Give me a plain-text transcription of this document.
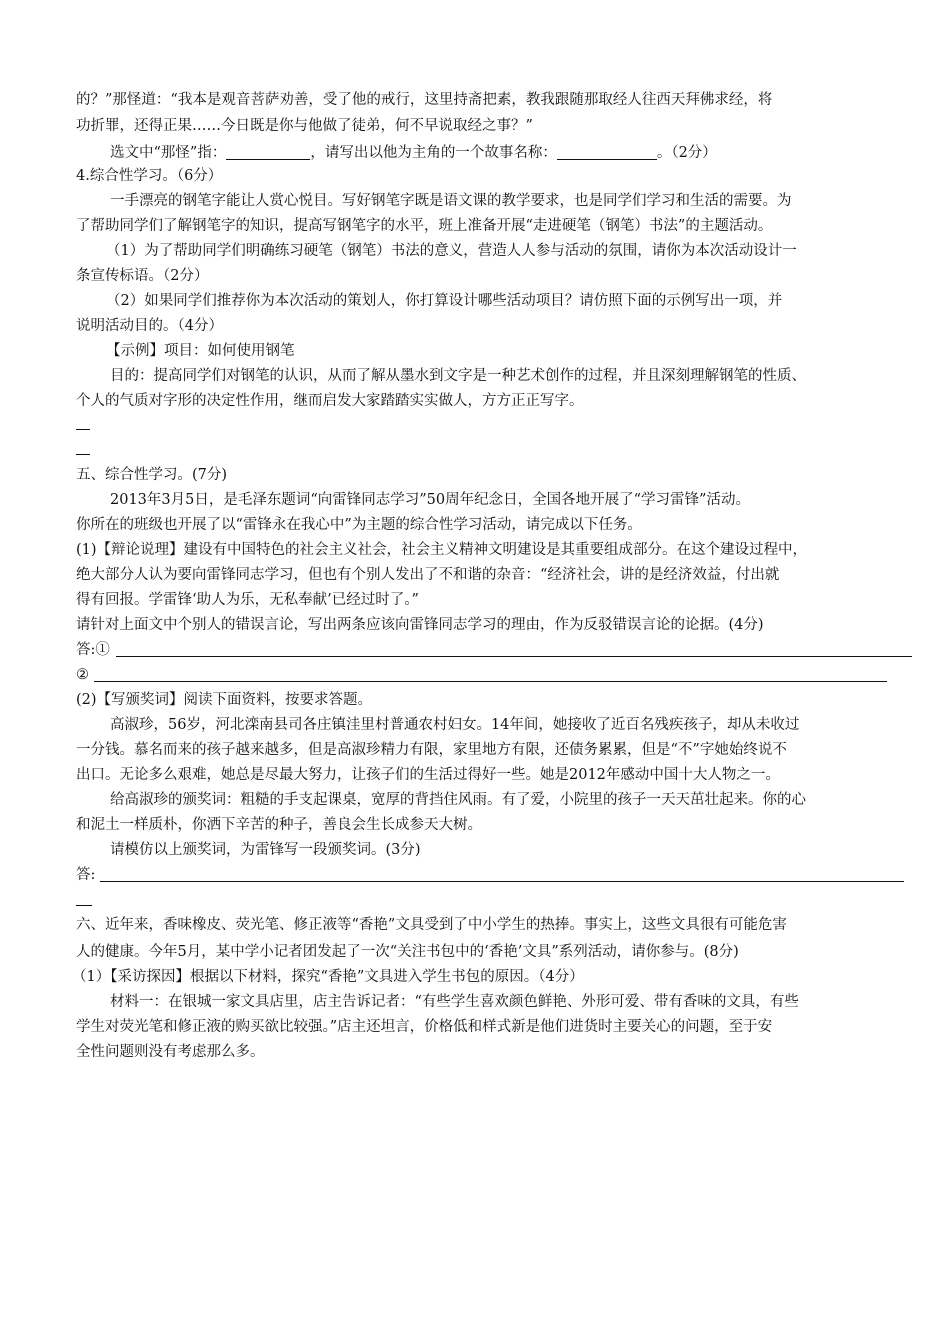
的？”那怪道：“我本是观音菩萨劝善，受了他的戒行，这里持斋把素，教我跟随那取经人往西天拜佛求经，将
功折罪，还得正果……今日既是你与他做了徒弟，何不早说取经之事？”
选文中“那怪”指：	，请写出以他为主角的一个故事名称：	。（2分）
4.综合性学习。（6分）
一手漂亮的钢笔字能让人赏心悦目。写好钢笔字既是语文课的教学要求，也是同学们学习和生活的需要。为
了帮助同学们了解钢笔字的知识，提高写钢笔字的水平，班上准备开展“走进硬笔（钢笔）书法”的主题活动。
（1）为了帮助同学们明确练习硬笔（钢笔）书法的意义，营造人人参与活动的氛围，请你为本次活动设计一
条宣传标语。（2分）
（2）如果同学们推荐你为本次活动的策划人，你打算设计哪些活动项目？请仿照下面的示例写出一项，并
说明活动目的。（4分）
【示例】项目：如何使用钢笔
目的：提高同学们对钢笔的认识，从而了解从墨水到文字是一种艺术创作的过程，并且深刻理解钢笔的性质、
个人的气质对字形的决定性作用，继而启发大家踏踏实实做人，方方正正写字。
五、综合性学习。(7分)
2013年3月5日，是毛泽东题词“向雷锋同志学习”50周年纪念日，全国各地开展了“学习雷锋”活动。
你所在的班级也开展了以“雷锋永在我心中”为主题的综合性学习活动，请完成以下任务。
(1)【辩论说理】建设有中国特色的社会主义社会，社会主义精神文明建设是其重要组成部分。在这个建设过程中，
绝大部分人认为要向雷锋同志学习，但也有个别人发出了不和谐的杂音：“经济社会，讲的是经济效益，付出就
得有回报。学雷锋‘助人为乐，无私奉献’已经过时了。”
请针对上面文中个别人的错误言论，写出两条应该向雷锋同志学习的理由，作为反驳错误言论的论据。(4分)
答:①
②
(2)【写颁奖词】阅读下面资料，按要求答题。
高淑珍，56岁，河北滦南县司各庄镇洼里村普通农村妇女。14年间，她接收了近百名残疾孩子，却从未收过
一分钱。慕名而来的孩子越来越多，但是高淑珍精力有限，家里地方有限，还债务累累，但是“不”字她始终说不
出口。无论多么艰难，她总是尽最大努力，让孩子们的生活过得好一些。她是2012年感动中国十大人物之一。
给高淑珍的颁奖词：粗糙的手支起课桌，宽厚的背挡住风雨。有了爱，小院里的孩子一天天茁壮起来。你的心
和泥土一样质朴，你洒下辛苦的种子，善良会生长成参天大树。
请模仿以上颁奖词，为雷锋写一段颁奖词。(3分)
答:
六、近年来，香味橡皮、荧光笔、修正液等“香艳”文具受到了中小学生的热捧。事实上，这些文具很有可能危害
人的健康。今年5月，某中学小记者团发起了一次“关注书包中的‘香艳’文具”系列活动，请你参与。(8分)
（1）【采访探因】根据以下材料，探究“香艳”文具进入学生书包的原因。（4分）
材料一：在银城一家文具店里，店主告诉记者：“有些学生喜欢颜色鲜艳、外形可爱、带有香味的文具，有些
学生对荧光笔和修正液的购买欲比较强。”店主还坦言，价格低和样式新是他们进货时主要关心的问题，至于安
全性问题则没有考虑那么多。
